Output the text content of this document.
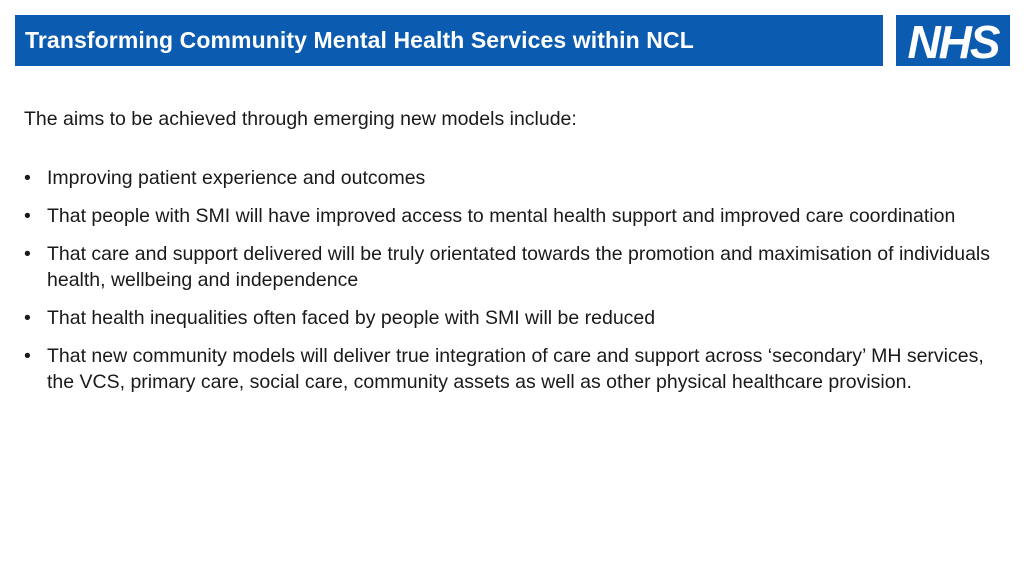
Transforming Community Mental Health Services within NCL	NHS
The aims to be achieved through emerging new models include:
• Improving patient experience and outcomes
• That people with SMI will have improved access to mental health support and improved care coordination
• That care and support delivered will be truly orientated towards the promotion and maximisation of individuals health, wellbeing and independence
• That health inequalities often faced by people with SMI will be reduced
• That new community models will deliver true integration of care and support across ‘secondary’ MH services, the VCS, primary care, social care, community assets as well as other physical healthcare provision.
